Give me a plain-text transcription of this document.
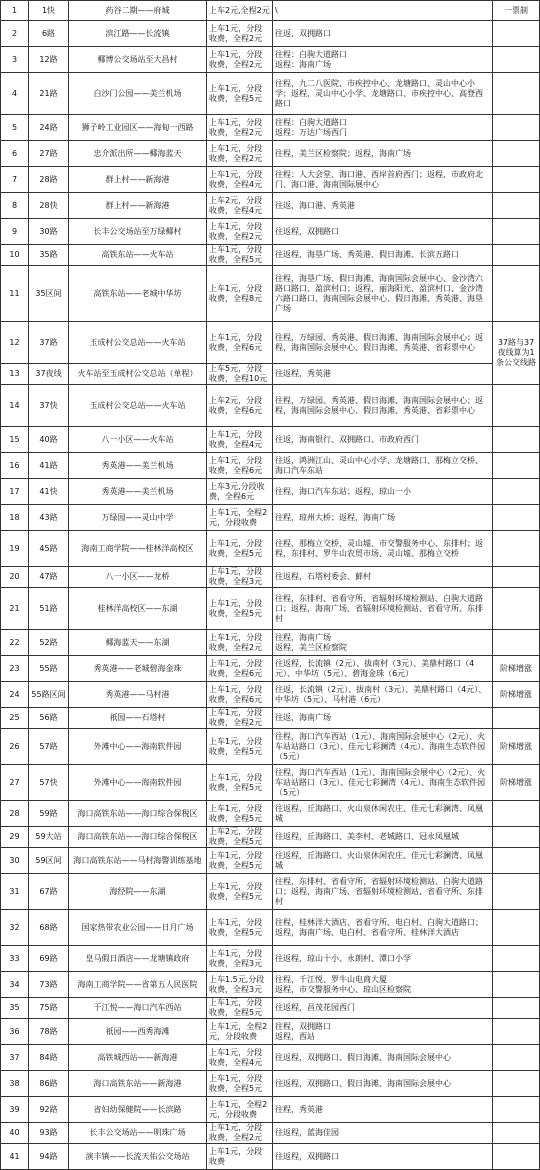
1	1快	药谷二期——府城	上车2元,全程2元	\	一票制
2	6路	滨江路——长流镇	上车1元，分段收费，全程2元	往返，双拥路口	
3	12路	椰博公交场站至大昌村	上车1元，分段收费，全程2元	往程：白驹大道路口
返程：海南广场	
4	21路	白沙门公园——美兰机场	上车1元，分段收费，全程5元	往程，九二八医院、市疾控中心、龙塘路口、灵山中心小学；返程，灵山中心小学、龙塘路口、市疾控中心、高登西路口	
5	24路	狮子岭工业园区——海甸一西路	上车1元，分段收费，全程2元	往程：白驹大道路口
返程：万达广场西门	
6	27路	忠介派出所——椰海蓝天	上车1元，分段收费，全程2元	往程，美兰区检察院；返程，海南广场	
7	28路	群上村——新海港	上车1元，分段收费，全程4元	往程：人大会堂、海口港、西岸首府西门；返程，市政府北门、海口港、海南国际展中心	
8	28快	群上村——新海港	上车2元，分段收费，全程4元	往返，海口港、秀英港	
9	30路	长丰公交场站至万绿椰村	上车1元，分段收费，全程2元	往返程，双拥路口	
10	35路	高铁东站——火车站	上车1元，分段收费，全程5元	往返程，海垦广场、秀英港、假日海滩、长滨五路口	
11	35区间	高铁东站——老城中华坊	上车1元，分段收费，全程8元	往程，海垦广场、假日海滩、海南国际会展中心、金沙湾六路口路口、盈滨村口；返程，丽海阳光、盈滨村口、金沙湾六路口路口、海南国际会展中心、假日海滩、秀英港、海垦广场	
12	37路	玉成村公交总站——火车站	上车1元，分段收费，全程6元	往程，万绿园、秀英港、假日海滩、海南国际会展中心；返程，海南国际会展中心、假日海滩、秀英港、省彩票中心	37路与37夜线算为1条公交线路
13	37夜线	火车站至玉成村公交总站（单程）	上车5元，分段收费，全程10元	往返程，秀英港	
14	37快	玉成村公交总站——火车站	上车2元，分段收费，全程6元	往程，万绿园、秀英港、假日海滩、海南国际会展中心；返程，海南国际会展中心、假日海滩、秀英港、省彩票中心	
15	40路	八一小区——火车站	上车1元，分段收费，全程4元	往返，海南银行、双拥路口、市政府西门	
16	41路	秀英港——美兰机场	上车1元，分段收费，全程6元	往返，鸿洲江山、灵山中心小学、龙塘路口、那梅立交桥、海口汽车东站	
17	41快	秀英港——美兰机场	上车3元,分段收费，全程6元	往程，海口汽车东站；返程，琼山一小	
18	43路	万绿园——灵山中学	上车1元，全程2元，分段收费	往程，琼州大桥；返程，海南广场	
19	45路	海南工商学院——桂林洋高校区	上车1元，分段收费，全程5元	往程，那梅立交桥、灵山墟、市交警服务中心、东排村；返程，东排村、罗牛山农贸市场、灵山墟、那梅立交桥	
20	47路	八一小区——龙桥	上车1元，分段收费，全程3元	往返程，石塔村委会、藓村	
21	51路	桂林洋高校区——东湖	上车1元，分段收费，全程5元	往程，东排村、省看守所、省辐射环境检测站、白驹大道路口；返程，海南广场、省辐射环境检测站、省看守所、东排村	
22	52路	椰海蓝天——东湖	上车1元，分段收费，全程2元	往程，海南广场
返程，美兰区检察院	
23	55路	秀英港——老城碧海金珠	上车1元，分段收费，全程6元	往返程，长流镇（2元）、拔南村（3元）、美鼎村路口（4元）、中华坊（5元）、碧海金珠（6元）	阶梯增涨
24	55路区间	秀英港——马村港	上车1元，分段收费，全程6元	往返，长流镇（2元）、拔南村（3元）、美鼎村路口（4元）、中华坊（5元）、马村港（6元）	阶梯增涨
25	56路	祇园——石塔村	上车1元，分段收费，全程2元	往返，海南广场	
26	57路	外滩中心——海南软件园	上车1元，分段收费，全程5元	往程，海口汽车西站（1元）、海南国际会展中心（2元）、火车站站路口（3元）、佳元七彩澜湾（4元）、海南生态软件园（5元）	阶梯增涨
27	57快	外滩中心——海南软件园	上车1元，分段收费，全程5元	往程，海口汽车西站（1元）、海南国际会展中心（2元）、火车站站路口（3元）、佳元七彩澜湾（4元）、海南生态软件园（5元）	阶梯增涨
28	59路	海口高铁东站——海口综合保税区	上车1元，分段收费，全程5元	往返程，丘海路口、火山泉休闲农庄、佳元七彩澜湾、凤凰城	
29	59大站	海口高铁东站——海口综合保税区	上车2元，分段收费，全程5元	往返程，丘海路口、美李村、老城路口、冠永凤凰城	
30	59区间	海口高铁东站——马村海警训练基地	上车1元，分段收费，全程5元	往返程，丘海路口、火山泉休闲农庄、佳元七彩澜湾、凤凰城	
31	67路	海经院——东湖	上车1元，分段收费，全程5元	往程，东排村、省看守所、省辐射环境检测站、白驹大道路口；返程，海南广场、省辐射环境检测站、省看守所、东排村	
32	68路	国家热带农业公园——日月广场	上车1元，分段收费，全程5元	往程，桂林洋大酒店、省看守所、电白村、白驹大道路口；返程，海南广场、电白村、省看守所、桂林洋大酒店	
33	69路	皇马假日酒店——龙塘镇政府	上车1元，分段收费，全程3元	往返程，琼山十小、永朗村、潭口小学	
34	73路	海南工商学院——省第五人民医院	上车1.5元,分段收费，全程3元	往程，千江悦、罗牛山电商大厦
返程，市交警服务中心、琼山区检察院	
35	75路	干江悦——海口汽车西站	上车1元，分段收费，全程5元	往返程，昌茂花园西门	
36	78路	祇园——西秀海滩	上车1元，全程2元，分段收费	往程，双拥路口
返程，西站	
37	84路	高铁城西站——新海港	上车1元，分段收费，全程4元	往返程，双拥路口、假日海滩、海南国际会展中心	
38	86路	海口高铁东站——新海港	上车1元，分段收费，全程5元	往返程，双拥路口、假日海滩、海南国际会展中心	
39	92路	省妇幼保健院——长滨路	上车1元，全程2元，分段收费	往程，秀英港	
40	93路	长丰公交场站——明珠广场	上车1元，分段收费，全程2元	往返程，蓝海佳园	
41	94路	演丰镇——长流天佑公交场站	上车1元，分段收费	往返程，双拥路口	
